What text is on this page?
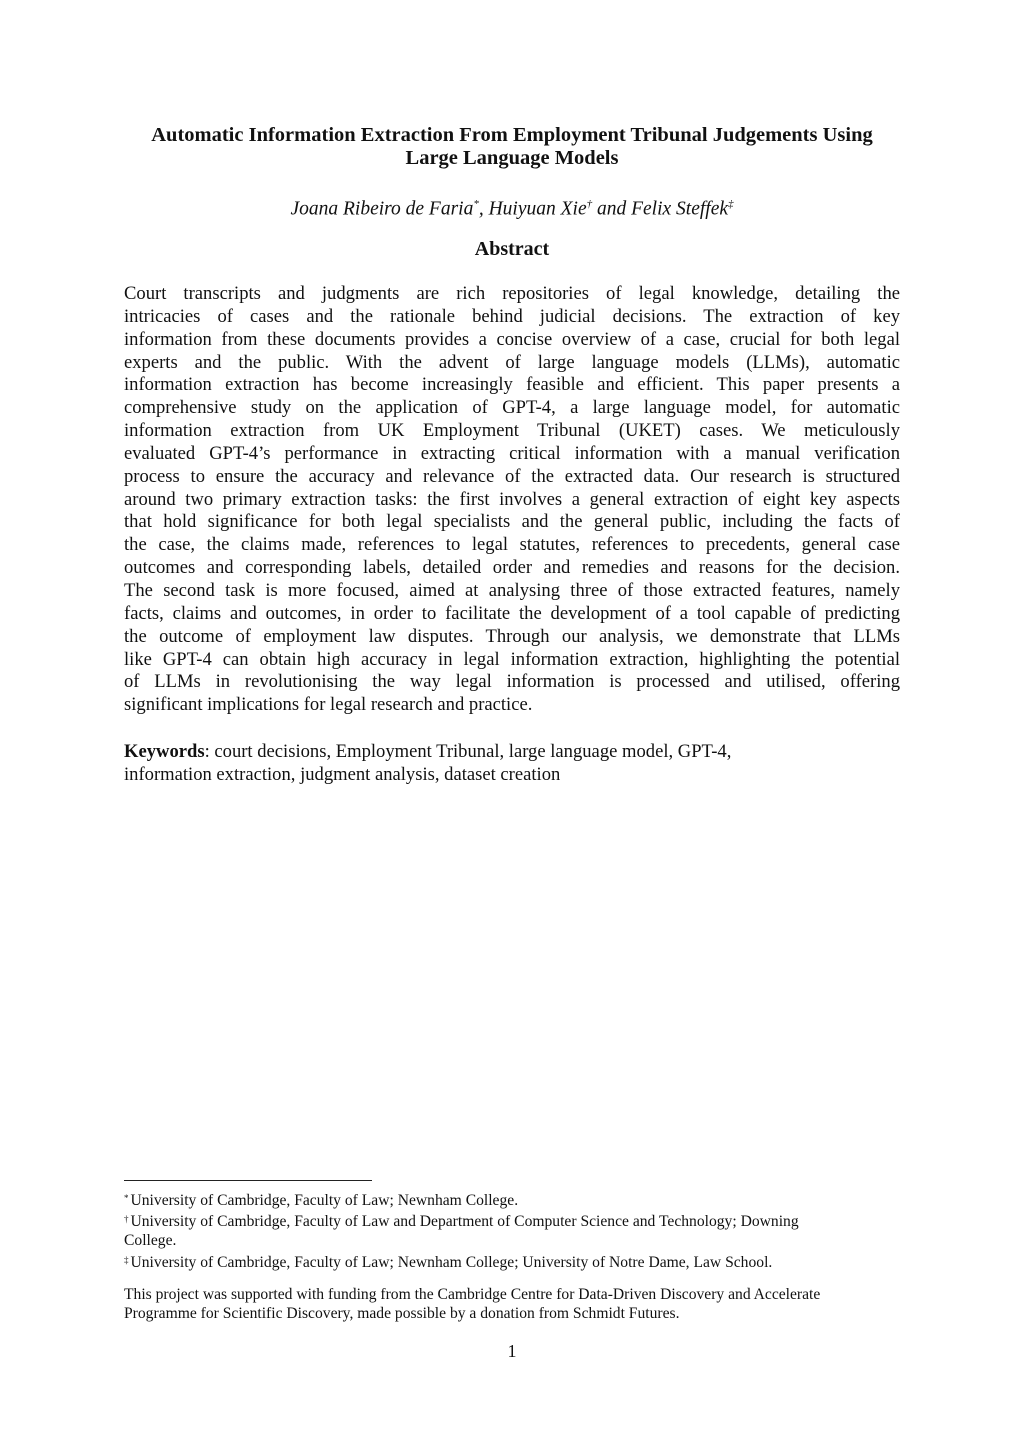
Automatic Information Extraction From Employment Tribunal Judgements Using
Large Language Models
Joana Ribeiro de Faria*, Huiyuan Xie† and Felix Steffek‡
Abstract
Court transcripts and judgments are rich repositories of legal knowledge, detailing the
intricacies of cases and the rationale behind judicial decisions. The extraction of key
information from these documents provides a concise overview of a case, crucial for both legal
experts and the public. With the advent of large language models (LLMs), automatic
information extraction has become increasingly feasible and efficient. This paper presents a
comprehensive study on the application of GPT-4, a large language model, for automatic
information extraction from UK Employment Tribunal (UKET) cases. We meticulously
evaluated GPT-4’s performance in extracting critical information with a manual verification
process to ensure the accuracy and relevance of the extracted data. Our research is structured
around two primary extraction tasks: the first involves a general extraction of eight key aspects
that hold significance for both legal specialists and the general public, including the facts of
the case, the claims made, references to legal statutes, references to precedents, general case
outcomes and corresponding labels, detailed order and remedies and reasons for the decision.
The second task is more focused, aimed at analysing three of those extracted features, namely
facts, claims and outcomes, in order to facilitate the development of a tool capable of predicting
the outcome of employment law disputes. Through our analysis, we demonstrate that LLMs
like GPT-4 can obtain high accuracy in legal information extraction, highlighting the potential
of LLMs in revolutionising the way legal information is processed and utilised, offering
significant implications for legal research and practice.
Keywords: court decisions, Employment Tribunal, large language model, GPT-4,
information extraction, judgment analysis, dataset creation
* University of Cambridge, Faculty of Law; Newnham College.
† University of Cambridge, Faculty of Law and Department of Computer Science and Technology; Downing
College.
‡ University of Cambridge, Faculty of Law; Newnham College; University of Notre Dame, Law School.
This project was supported with funding from the Cambridge Centre for Data-Driven Discovery and Accelerate
Programme for Scientific Discovery, made possible by a donation from Schmidt Futures.
1
